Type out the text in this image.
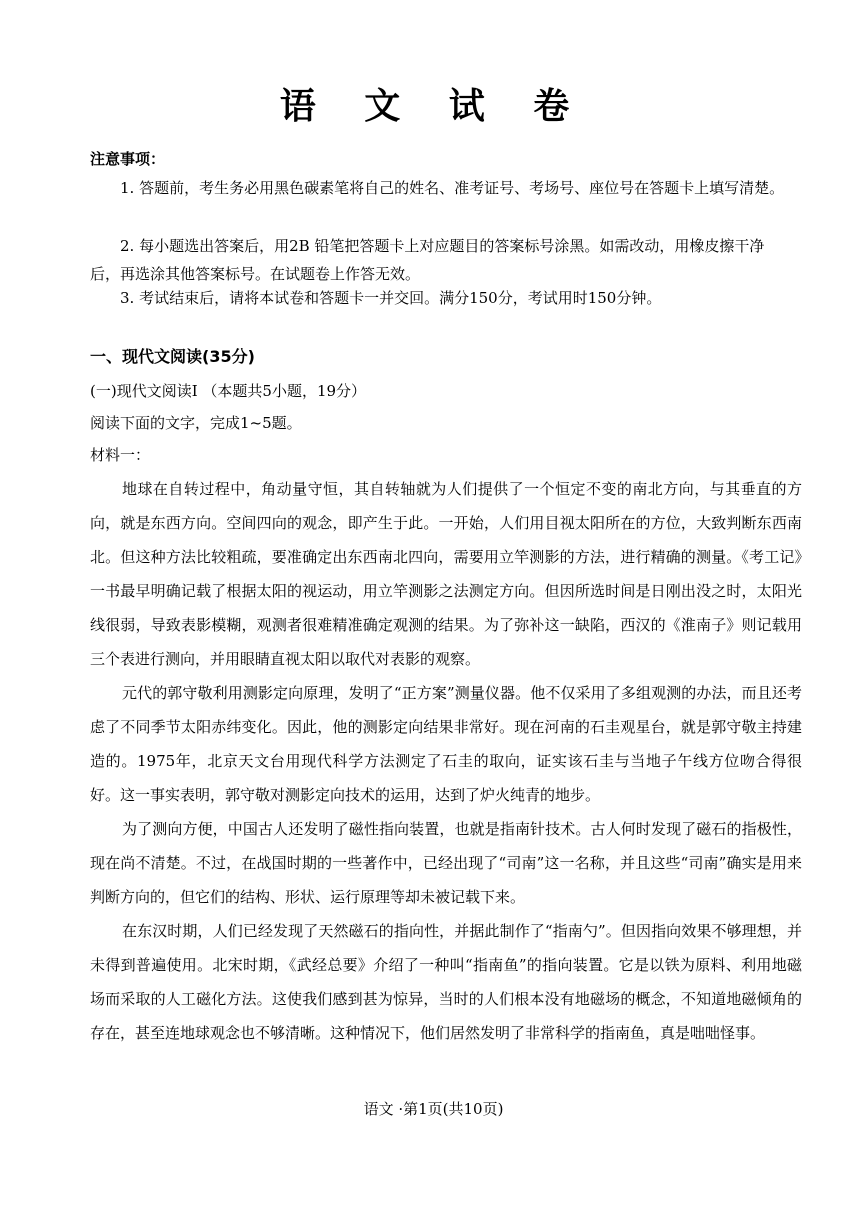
语 文 试 卷
注意事项：
1. 答题前，考生务必用黑色碳素笔将自己的姓名、准考证号、考场号、座位号在答题卡上填写清楚。
2. 每小题选出答案后，用2B 铅笔把答题卡上对应题目的答案标号涂黑。如需改动，用橡皮擦干净后，再选涂其他答案标号。在试题卷上作答无效。
3. 考试结束后，请将本试卷和答题卡一并交回。满分150分，考试用时150分钟。
一、现代文阅读(35分)
(一)现代文阅读I （本题共5小题，19分）
阅读下面的文字，完成1~5题。
材料一：
地球在自转过程中，角动量守恒，其自转轴就为人们提供了一个恒定不变的南北方向，与其垂直的方向，就是东西方向。空间四向的观念，即产生于此。一开始，人们用目视太阳所在的方位，大致判断东西南北。但这种方法比较粗疏，要准确定出东西南北四向，需要用立竿测影的方法，进行精确的测量。《考工记》一书最早明确记载了根据太阳的视运动，用立竿测影之法测定方向。但因所选时间是日刚出没之时，太阳光线很弱，导致表影模糊，观测者很难精准确定观测的结果。为了弥补这一缺陷，西汉的《淮南子》则记载用三个表进行测向，并用眼睛直视太阳以取代对表影的观察。
元代的郭守敬利用测影定向原理，发明了“正方案”测量仪器。他不仅采用了多组观测的办法，而且还考虑了不同季节太阳赤纬变化。因此，他的测影定向结果非常好。现在河南的石圭观星台，就是郭守敬主持建造的。1975年，北京天文台用现代科学方法测定了石圭的取向，证实该石圭与当地子午线方位吻合得很好。这一事实表明，郭守敬对测影定向技术的运用，达到了炉火纯青的地步。
为了测向方便，中国古人还发明了磁性指向装置，也就是指南针技术。古人何时发现了磁石的指极性，现在尚不清楚。不过，在战国时期的一些著作中，已经出现了“司南”这一名称，并且这些“司南”确实是用来判断方向的，但它们的结构、形状、运行原理等却未被记载下来。
在东汉时期，人们已经发现了天然磁石的指向性，并据此制作了“指南勺”。但因指向效果不够理想，并未得到普遍使用。北宋时期，《武经总要》介绍了一种叫“指南鱼”的指向装置。它是以铁为原料、利用地磁场而采取的人工磁化方法。这使我们感到甚为惊异，当时的人们根本没有地磁场的概念，不知道地磁倾角的存在，甚至连地球观念也不够清晰。这种情况下，他们居然发明了非常科学的指南鱼，真是咄咄怪事。
语文 ·第1页(共10页)
